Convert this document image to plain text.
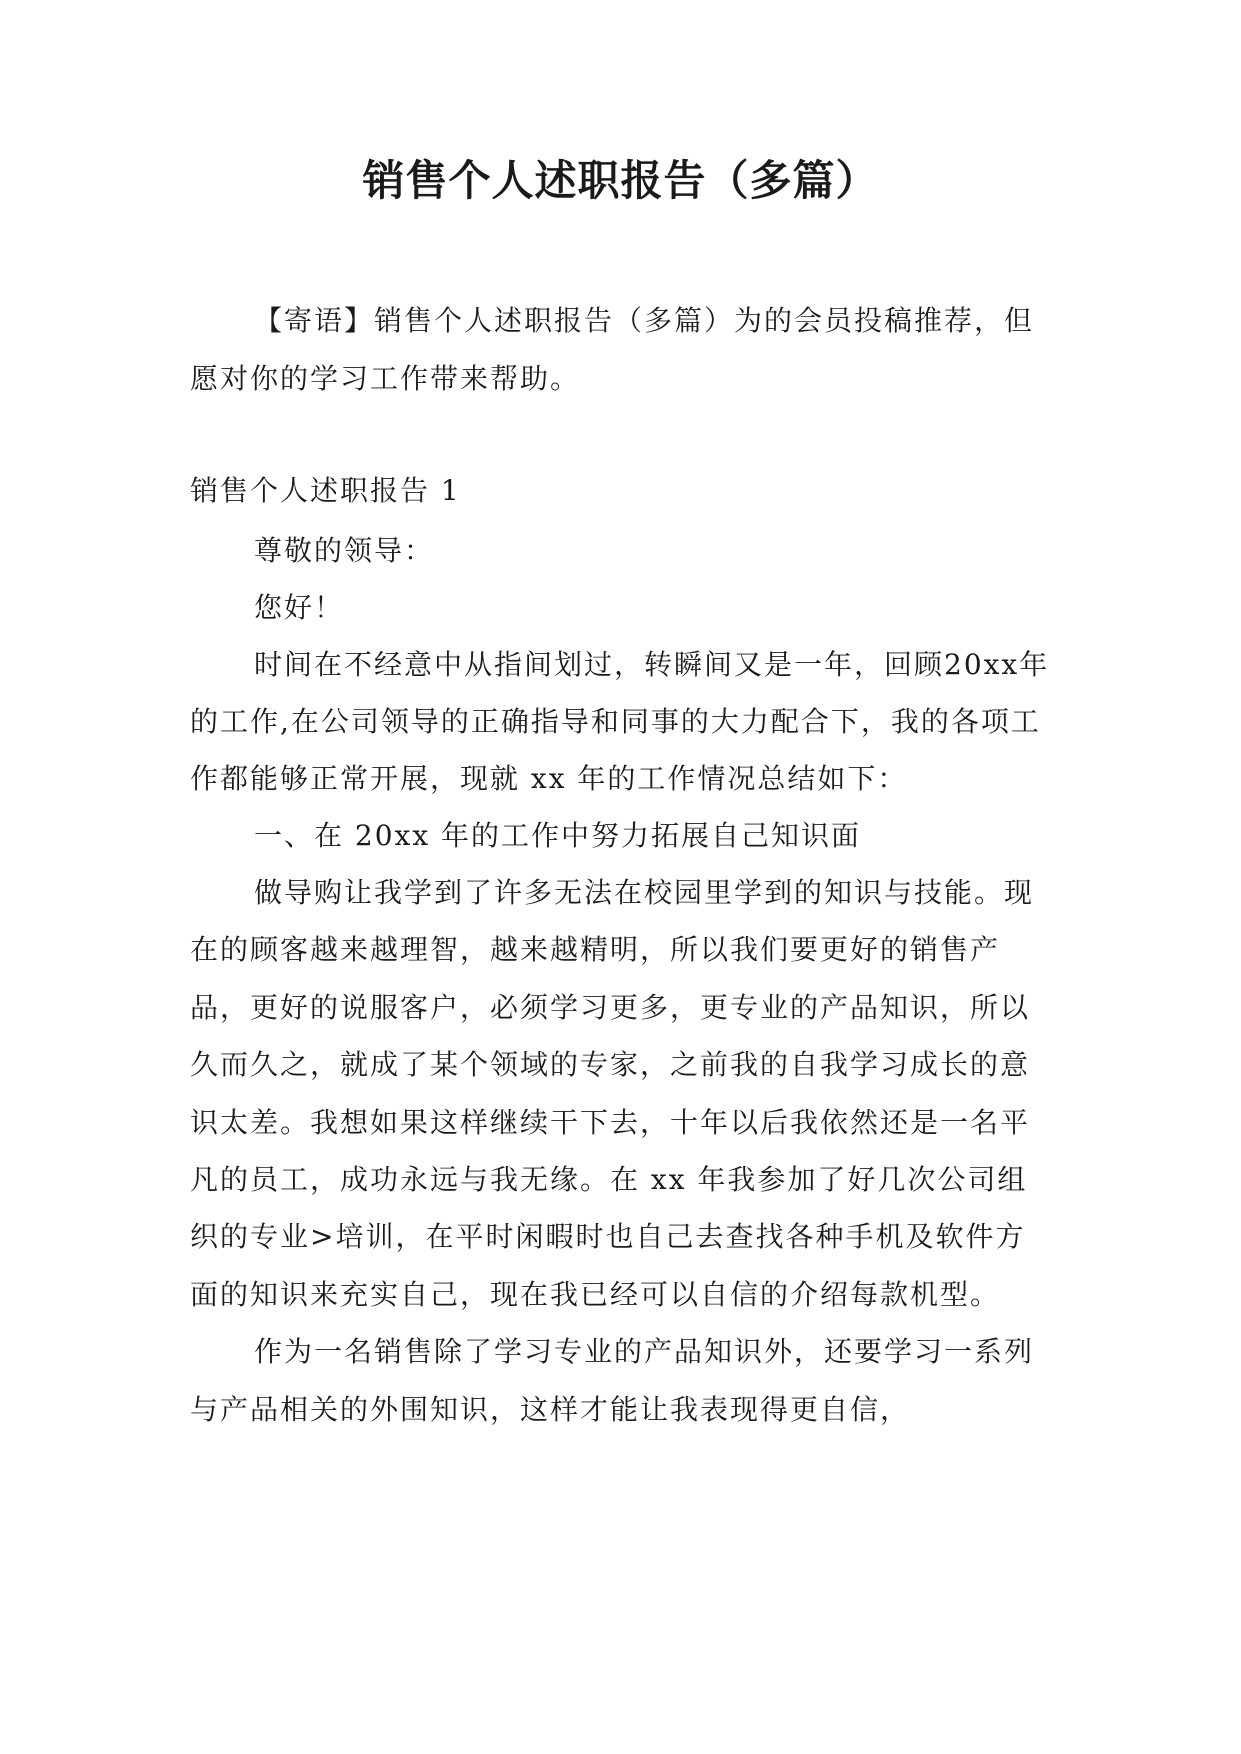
销售个人述职报告（多篇）

【寄语】销售个人述职报告（多篇）为的会员投稿推荐，但愿对你的学习工作带来帮助。

销售个人述职报告 1

尊敬的领导：

您好！

时间在不经意中从指间划过，转瞬间又是一年，回顾20xx年的工作,在公司领导的正确指导和同事的大力配合下，我的各项工作都能够正常开展，现就 xx 年的工作情况总结如下：

一、在 20xx 年的工作中努力拓展自己知识面

做导购让我学到了许多无法在校园里学到的知识与技能。现在的顾客越来越理智，越来越精明，所以我们要更好的销售产品，更好的说服客户，必须学习更多，更专业的产品知识，所以久而久之，就成了某个领域的专家，之前我的自我学习成长的意识太差。我想如果这样继续干下去，十年以后我依然还是一名平凡的员工，成功永远与我无缘。在 xx 年我参加了好几次公司组织的专业>培训，在平时闲暇时也自己去查找各种手机及软件方面的知识来充实自己，现在我已经可以自信的介绍每款机型。

作为一名销售除了学习专业的产品知识外，还要学习一系列与产品相关的外围知识，这样才能让我表现得更自信，
